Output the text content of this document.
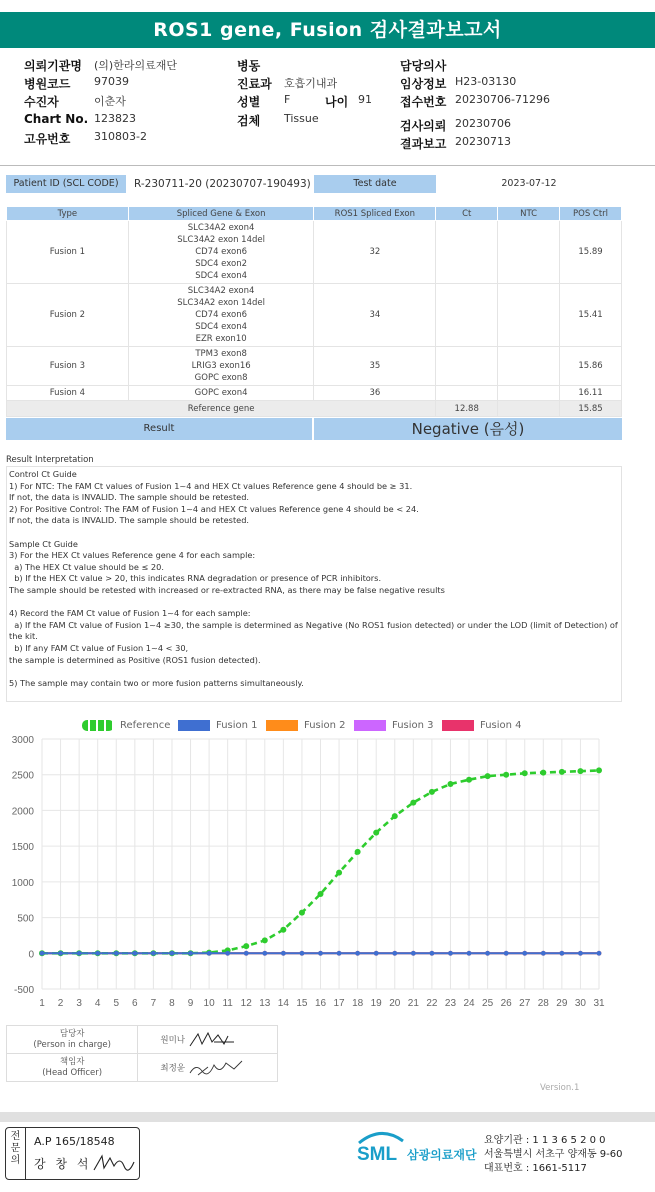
ROS1 gene, Fusion 검사결과보고서
의뢰기관명 (의)한라의료재단
병원코드 97039
수진자	이춘자
Chart No. 123823
고유번호 310803-2
병동
진료과 호흡기내과
성별 F
검체 Tissue
나이 91
담당의사
임상정보 H23-03130
접수번호 20230706-71296
검사의뢰 20230706
결과보고 20230713
Patient ID (SCL CODE)	R-230711-20 (20230707-190493)	Test date	2023-07-12
Type	Spliced Gene & Exon	ROS1 Spliced Exon	Ct	NTC	POS Ctrl
Fusion 1	SLC34A2 exon4
SLC34A2 exon 14del
CD74 exon6
SDC4 exon2
SDC4 exon4	32			15.89
Fusion 2	SLC34A2 exon4
SLC34A2 exon 14del
CD74 exon6
SDC4 exon4
EZR exon10	34			15.41
Fusion 3	TPM3 exon8
LRIG3 exon16
GOPC exon8	35			15.86
Fusion 4	GOPC exon4	36			16.11
Reference gene			12.88		15.85
Result	Negative (음성)
Result Interpretation
Control Ct Guide
1) For NTC: The FAM Ct values of Fusion 1~4 and HEX Ct values Reference gene 4 should be ≥ 31.
If not, the data is INVALID. The sample should be retested.
2) For Positive Control: The FAM of Fusion 1~4 and HEX Ct values Reference gene 4 should be < 24.
If not, the data is INVALID. The sample should be retested.

Sample Ct Guide
3) For the HEX Ct values Reference gene 4 for each sample:
a) The HEX Ct value should be ≤ 20.
b) If the HEX Ct value > 20, this indicates RNA degradation or presence of PCR inhibitors.
The sample should be retested with increased or re-extracted RNA, as there may be false negative results

4) Record the FAM Ct value of Fusion 1~4 for each sample:
a) If the FAM Ct value of Fusion 1~4 ≥30, the sample is determined as Negative (No ROS1 fusion detected) or under the LOD (limit of Detection) of the kit.
b) If any FAM Ct value of Fusion 1~4 < 30,
the sample is determined as Positive (ROS1 fusion detected).

5) The sample may contain two or more fusion patterns simultaneously.
Reference	Fusion 1	Fusion 2	Fusion 3	Fusion 4
-500
0
500
1000
1500
2000
2500
3000
1 2 3 4 5 6 7 8 9 10 11 12 13 14 15 16 17 18 19 20 21 22 23 24 25 26 27 28 29 30 31
담당자
(Person in charge)	원미나
책임자
(Head Officer)	최정윤
Version.1
전
문
의
A.P 165/18548
강 창 석	SML 삼광의료재단
요양기관 : 1 1 3 6 5 2 0 0
서울특별시 서초구 양재동 9-60
대표번호 : 1661-5117
